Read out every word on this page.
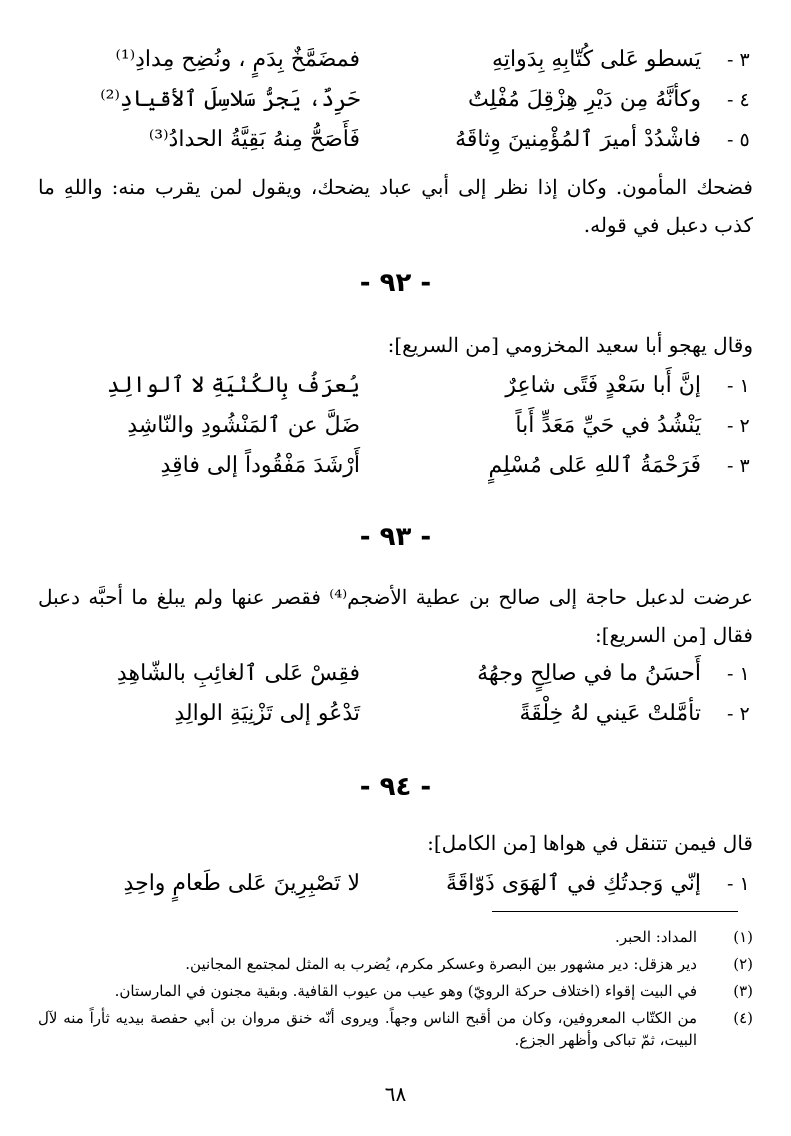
٣ -
يَسطو عَلى كُتّابِهِ بِدَواتِهِ
فمضَمَّخٌ بِدَمٍ ، ونُضِح مِدادِ⁽¹⁾
٤ -
وكأنَّهُ مِن دَيْرِ هِزْقِلَ مُفْلِتٌ
حَرِدٌ، يَجرُّ سَلاسِلَ ٱلأقيادِ⁽²⁾
٥ -
فاشْدُدْ أميرَ ٱلمُؤْمِنينَ وِثاقَهُ
فَأَصَحُّ مِنهُ بَقِيَّةُ الحدادُ⁽³⁾
فضحك المأمون. وكان إذا نظر إلى أبي عباد يضحك، ويقول لمن يقرب منه: واللهِ ما كذب دعبل في قوله.
- ٩٢ -
وقال يهجو أبا سعيد المخزومي [من السريع]:
١ -
إنَّ أَبا سَعْدٍ فَتًى شاعِرٌ
يُعرَفُ بِالكُنْيَةِ لا ٱلوالِدِ
٢ -
يَنْشُدُ في حَيِّ مَعَدٍّ أَباً
ضَلَّ عن ٱلمَنْشُودِ والنّاشِدِ
٣ -
فَرَحْمَةُ ٱللهِ عَلى مُسْلِمٍ
أَرْشَدَ مَفْقُوداً إلى فاقِدِ
- ٩٣ -
عرضت لدعبل حاجة إلى صالح بن عطية الأضجم⁽⁴⁾ فقصر عنها ولم يبلغ ما أحبَّه دعبل فقال [من السريع]:
١ -
أَحسَنُ ما في صالِحٍ وجهُهُ
فقِسْ عَلى ٱلغائِبِ بالشّاهِدِ
٢ -
تأمَّلتْ عَيني لهُ خِلْقَةً
تَدْعُو إلى تَزْنِيَةِ الوالِدِ
- ٩٤ -
قال فيمن تتنقل في هواها [من الكامل]:
١ -
إنّي وَجدتُكِ في ٱلهَوَى ذَوّاقَةً
لا تَصْبِرِينَ عَلى طَعامٍ واحِدِ
(١)
المداد: الحبر.
(٢)
دير هزقل: دير مشهور بين البصرة وعسكر مكرم، يُضرب به المثل لمجتمع المجانين.
(٣)
في البيت إقواء (اختلاف حركة الرويّ) وهو عيب من عيوب القافية. وبقية مجنون في المارستان.
(٤)
من الكتّاب المعروفين، وكان من أقبح الناس وجهاً. ويروى أنّه خنق مروان بن أبي حفصة بيديه ثأراً منه لآل البيت، ثمّ تباكى وأظهر الجزع.
٦٨
